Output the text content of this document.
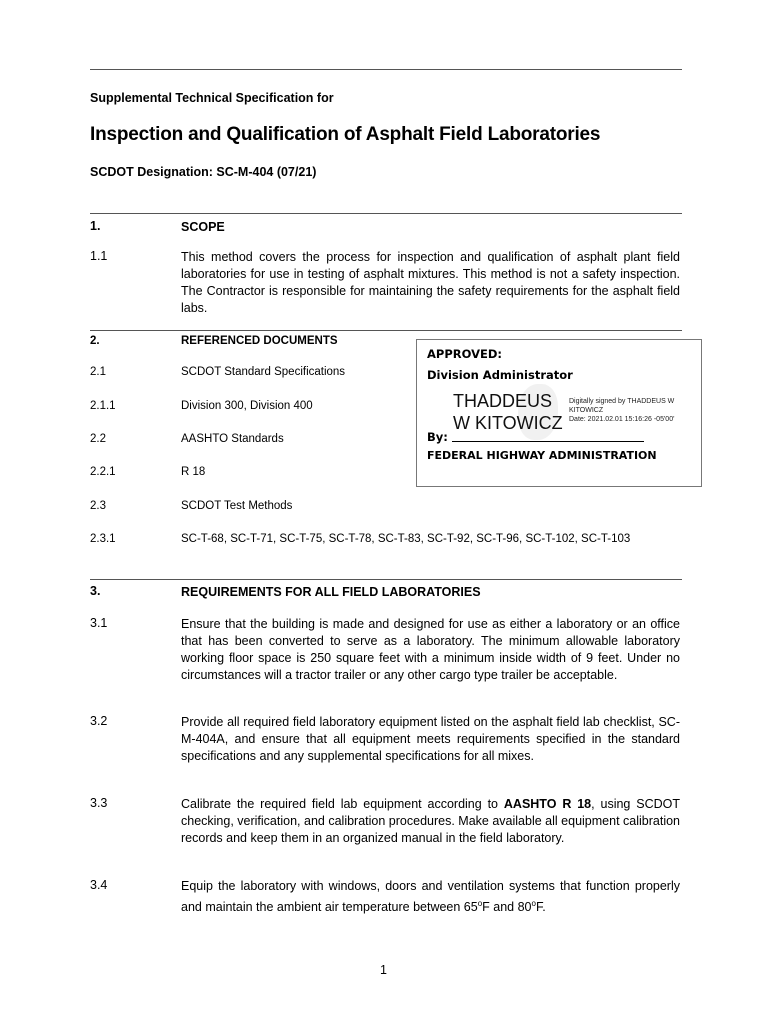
Supplemental Technical Specification for
Inspection and Qualification of Asphalt Field Laboratories
SCDOT Designation: SC-M-404 (07/21)
1.	SCOPE
1.1	This method covers the process for inspection and qualification of asphalt plant field laboratories for use in testing of asphalt mixtures. This method is not a safety inspection. The Contractor is responsible for maintaining the safety requirements for the asphalt field labs.
2.	REFERENCED DOCUMENTS
2.1	SCDOT Standard Specifications
2.1.1	Division 300, Division 400
2.2	AASHTO Standards
2.2.1	R 18
2.3	SCDOT Test Methods
2.3.1	SC-T-68, SC-T-71, SC-T-75, SC-T-78, SC-T-83, SC-T-92, SC-T-96, SC-T-102, SC-T-103
APPROVED:
Division Administrator
THADDEUS
W KITOWICZ
Digitally signed by THADDEUS W
KITOWICZ
Date: 2021.02.01 15:16:26 -05'00'
By:
FEDERAL HIGHWAY ADMINISTRATION
3.	REQUIREMENTS FOR ALL FIELD LABORATORIES
3.1	Ensure that the building is made and designed for use as either a laboratory or an office that has been converted to serve as a laboratory. The minimum allowable laboratory working floor space is 250 square feet with a minimum inside width of 9 feet. Under no circumstances will a tractor trailer or any other cargo type trailer be acceptable.
3.2	Provide all required field laboratory equipment listed on the asphalt field lab checklist, SC-M-404A, and ensure that all equipment meets requirements specified in the standard specifications and any supplemental specifications for all mixes.
3.3	Calibrate the required field lab equipment according to AASHTO R 18, using SCDOT checking, verification, and calibration procedures. Make available all equipment calibration records and keep them in an organized manual in the field laboratory.
3.4	Equip the laboratory with windows, doors and ventilation systems that function properly and maintain the ambient air temperature between 65$^o$F and 80$^o$F.
1
